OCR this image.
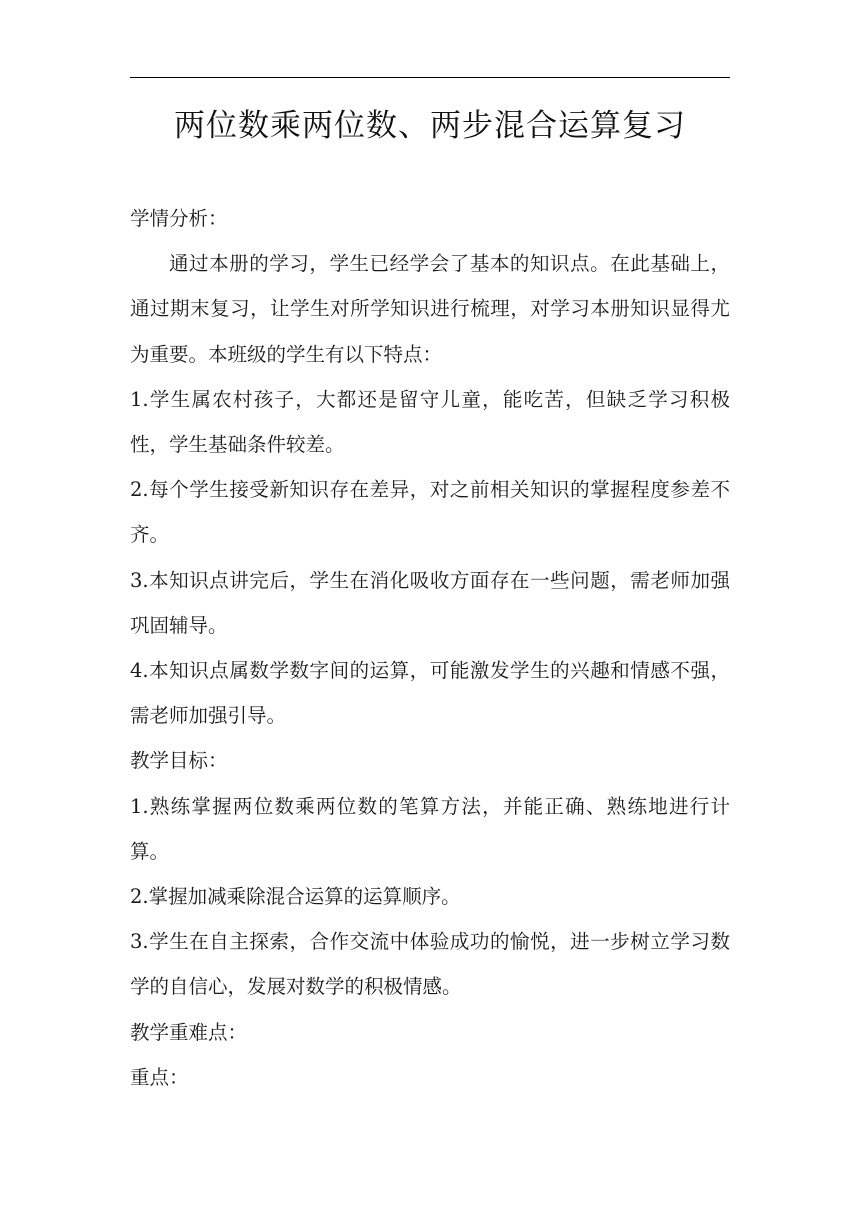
两位数乘两位数、两步混合运算复习

学情分析：

通过本册的学习，学生已经学会了基本的知识点。在此基础上，通过期末复习，让学生对所学知识进行梳理，对学习本册知识显得尤为重要。本班级的学生有以下特点：

1.学生属农村孩子，大都还是留守儿童，能吃苦，但缺乏学习积极性，学生基础条件较差。

2.每个学生接受新知识存在差异，对之前相关知识的掌握程度参差不齐。

3.本知识点讲完后，学生在消化吸收方面存在一些问题，需老师加强巩固辅导。

4.本知识点属数学数字间的运算，可能激发学生的兴趣和情感不强，需老师加强引导。

教学目标：

1.熟练掌握两位数乘两位数的笔算方法，并能正确、熟练地进行计算。

2.掌握加减乘除混合运算的运算顺序。

3.学生在自主探索，合作交流中体验成功的愉悦，进一步树立学习数学的自信心，发展对数学的积极情感。

教学重难点：

重点：
